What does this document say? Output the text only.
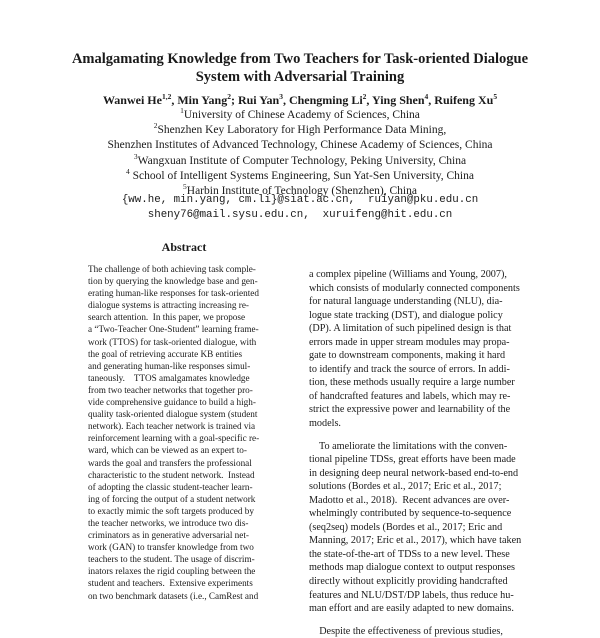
Amalgamating Knowledge from Two Teachers for Task-oriented Dialogue
System with Adversarial Training
Wanwei He$^{1,2}$, Min Yang$^2$; Rui Yan$^3$, Chengming Li$^2$, Ying Shen$^4$, Ruifeng Xu$^5$
$^1$University of Chinese Academy of Sciences, China
$^2$Shenzhen Key Laboratory for High Performance Data Mining,
Shenzhen Institutes of Advanced Technology, Chinese Academy of Sciences, China
$^3$Wangxuan Institute of Computer Technology, Peking University, China
$^4$ School of Intelligent Systems Engineering, Sun Yat-Sen University, China
$^5$Harbin Institute of Technology (Shenzhen), China
{ww.he, min.yang, cm.li}@siat.ac.cn,  ruiyan@pku.edu.cn
sheny76@mail.sysu.edu.cn,  xuruifeng@hit.edu.cn
Abstract
The challenge of both achieving task comple-
tion by querying the knowledge base and gen-
erating human-like responses for task-oriented
dialogue systems is attracting increasing re-
search attention.  In this paper, we propose
a “Two-Teacher One-Student” learning frame-
work (TTOS) for task-oriented dialogue, with
the goal of retrieving accurate KB entities
and generating human-like responses simul-
taneously.    TTOS amalgamates knowledge
from two teacher networks that together pro-
vide comprehensive guidance to build a high-
quality task-oriented dialogue system (student
network). Each teacher network is trained via
reinforcement learning with a goal-specific re-
ward, which can be viewed as an expert to-
wards the goal and transfers the professional
characteristic to the student network.  Instead
of adopting the classic student-teacher learn-
ing of forcing the output of a student network
to exactly mimic the soft targets produced by
the teacher networks, we introduce two dis-
criminators as in generative adversarial net-
work (GAN) to transfer knowledge from two
teachers to the student. The usage of discrim-
inators relaxes the rigid coupling between the
student and teachers.  Extensive experiments
on two benchmark datasets (i.e., CamRest and
a complex pipeline (Williams and Young, 2007),
which consists of modularly connected components
for natural language understanding (NLU), dia-
logue state tracking (DST), and dialogue policy
(DP). A limitation of such pipelined design is that
errors made in upper stream modules may propa-
gate to downstream components, making it hard
to identify and track the source of errors. In addi-
tion, these methods usually require a large number
of handcrafted features and labels, which may re-
strict the expressive power and learnability of the
models.
To ameliorate the limitations with the conven-
tional pipeline TDSs, great efforts have been made
in designing deep neural network-based end-to-end
solutions (Bordes et al., 2017; Eric et al., 2017;
Madotto et al., 2018).  Recent advances are over-
whelmingly contributed by sequence-to-sequence
(seq2seq) models (Bordes et al., 2017; Eric and
Manning, 2017; Eric et al., 2017), which have taken
the state-of-the-art of TDSs to a new level. These
methods map dialogue context to output responses
directly without explicitly providing handcrafted
features and NLU/DST/DP labels, thus reduce hu-
man effort and are easily adapted to new domains.
Despite the effectiveness of previous studies,
